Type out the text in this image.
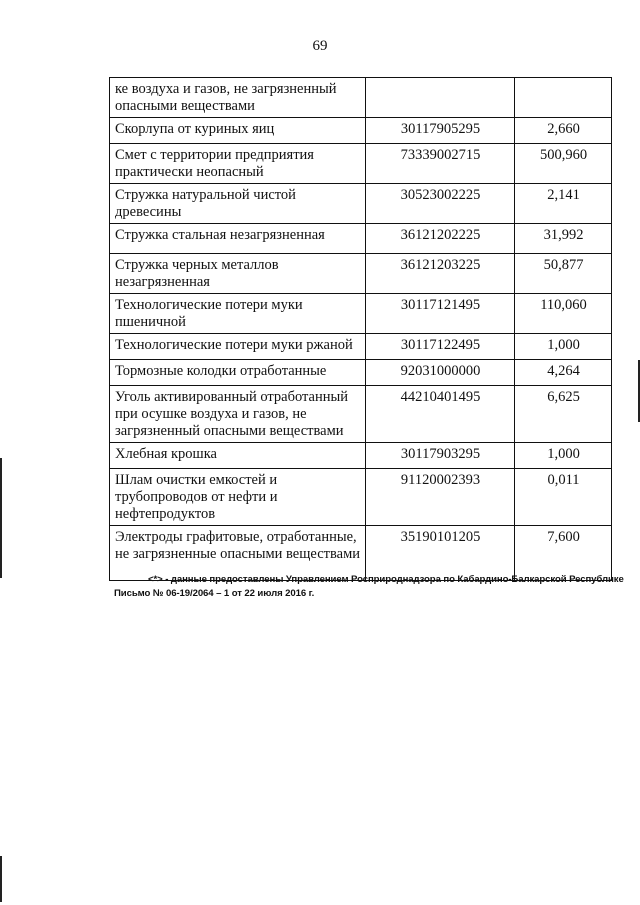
69
ке воздуха и газов, не загрязненный опасными веществами		
Скорлупа от куриных яиц	30117905295	2,660
Смет с территории предприятия практически неопасный	73339002715	500,960
Стружка натуральной чистой древесины	30523002225	2,141
Стружка стальная незагрязненная	36121202225	31,992
Стружка черных металлов незагрязненная	36121203225	50,877
Технологические потери муки пшеничной	30117121495	110,060
Технологические потери муки ржаной	30117122495	1,000
Тормозные колодки отработанные	92031000000	4,264
Уголь активированный отработанный при осушке воздуха и газов, не загрязненный опасными веществами	44210401495	6,625
Хлебная крошка	30117903295	1,000
Шлам очистки емкостей и трубопроводов от нефти и нефтепродуктов	91120002393	0,011
Электроды графитовые, отработанные, не загрязненные опасными веществами	35190101205	7,600
<*> - данные предоставлены Управлением Росприроднадзора по Кабардино-Балкарской Республике
Письмо № 06-19/2064 – 1 от 22 июля 2016 г.
